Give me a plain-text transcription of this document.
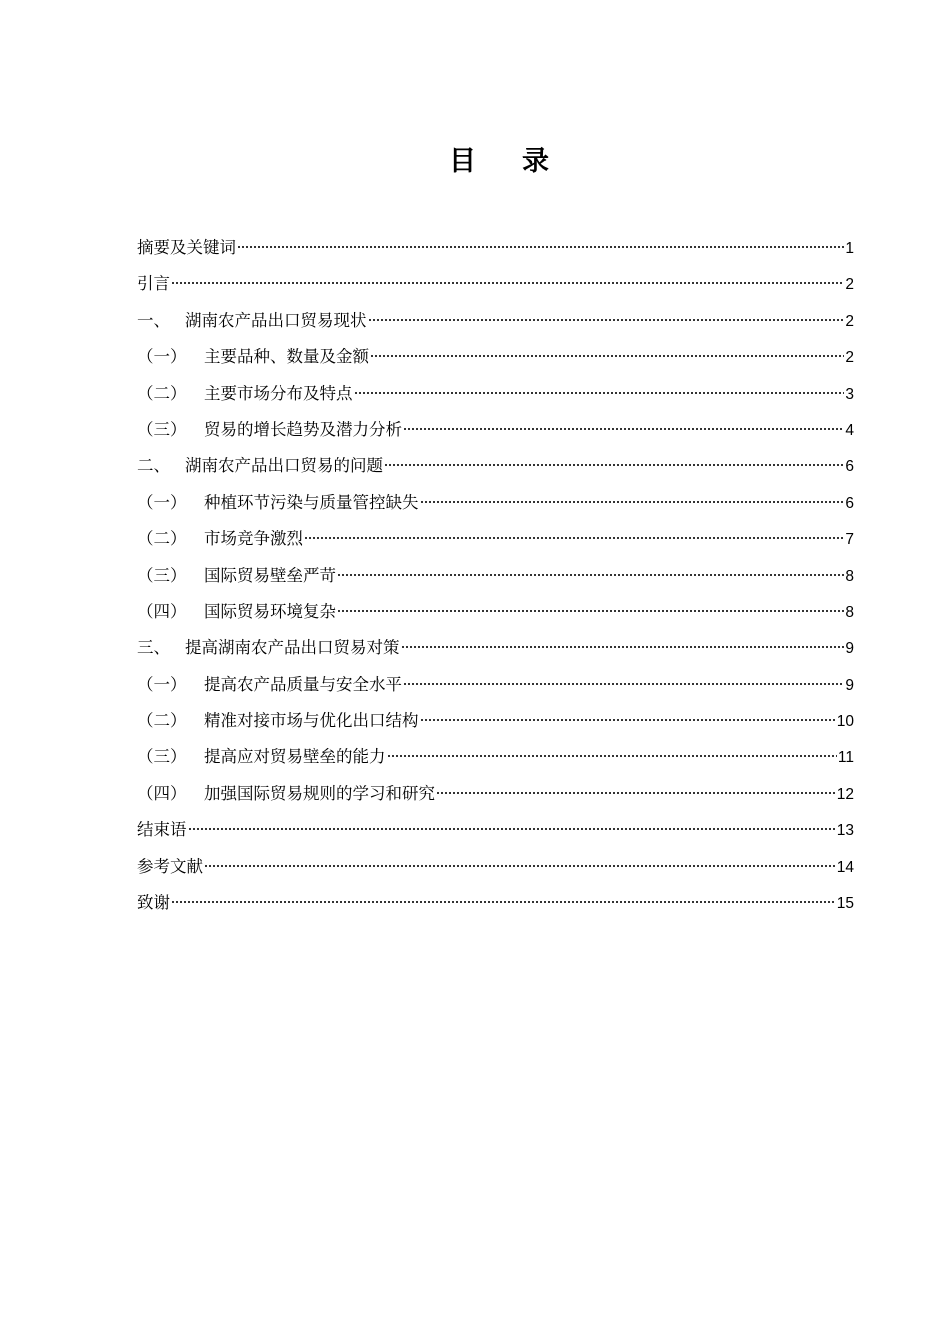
目 录
摘要及关键词	1
引言	2
一、 湖南农产品出口贸易现状	2
（一）	主要品种、数量及金额	2
（二）	主要市场分布及特点	3
（三）	贸易的增长趋势及潜力分析	4
二、 湖南农产品出口贸易的问题	6
（一）	种植环节污染与质量管控缺失	6
（二）	市场竞争激烈	7
（三）	国际贸易壁垒严苛	8
（四）	国际贸易环境复杂	8
三、 提高湖南农产品出口贸易对策	9
（一）	提高农产品质量与安全水平	9
（二）	精准对接市场与优化出口结构	10
（三）	提高应对贸易壁垒的能力	11
（四）	加强国际贸易规则的学习和研究	12
结束语	13
参考文献	14
致谢	15
